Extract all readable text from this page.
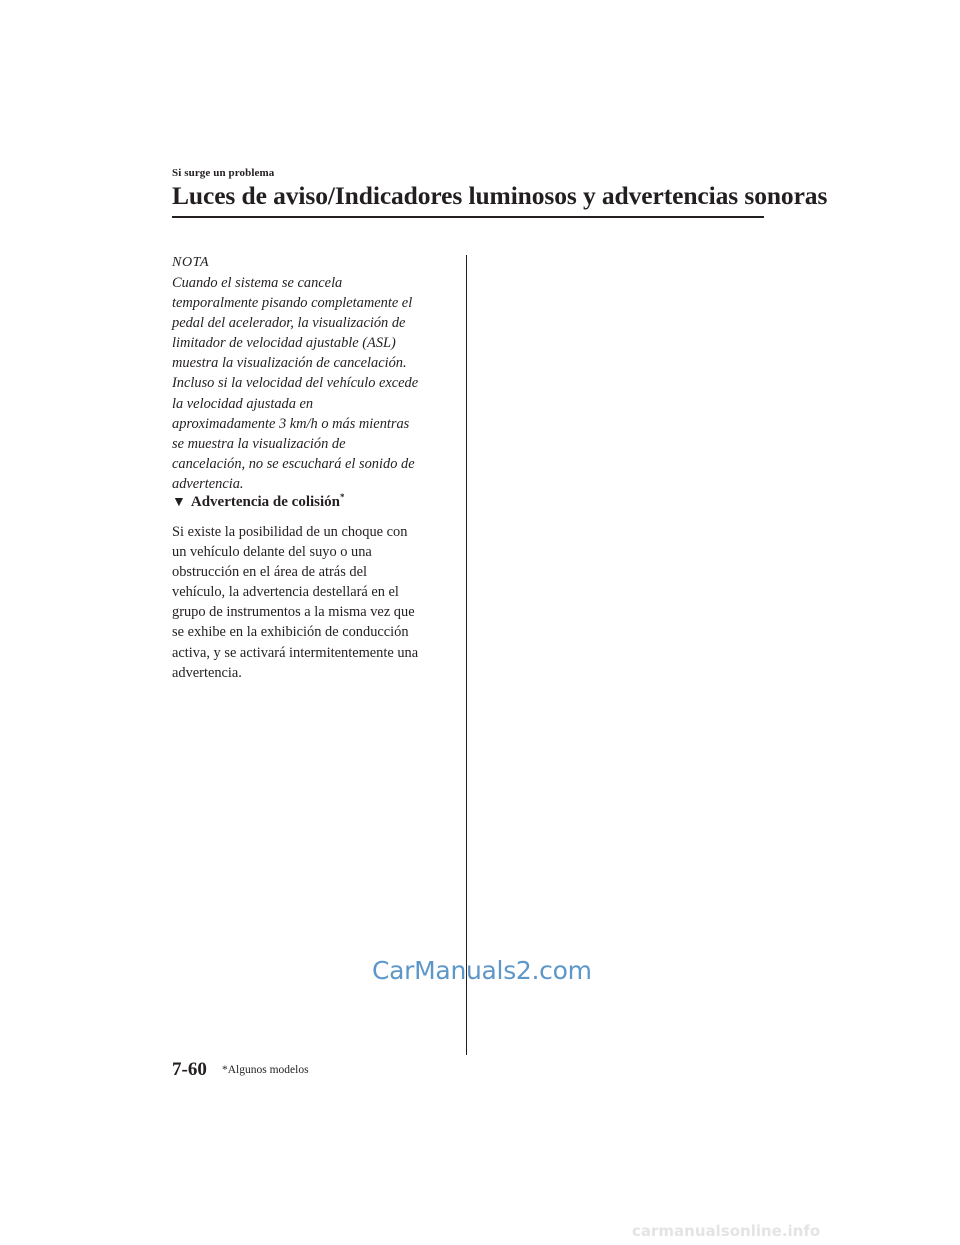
Si surge un problema
Luces de aviso/Indicadores luminosos y advertencias sonoras
NOTA
Cuando el sistema se cancela
temporalmente pisando completamente el
pedal del acelerador, la visualización de
limitador de velocidad ajustable (ASL)
muestra la visualización de cancelación.
Incluso si la velocidad del vehículo excede
la velocidad ajustada en
aproximadamente 3 km/h o más mientras
se muestra la visualización de
cancelación, no se escuchará el sonido de
advertencia.
▼ Advertencia de colisión*
Si existe la posibilidad de un choque con
un vehículo delante del suyo o una
obstrucción en el área de atrás del
vehículo, la advertencia destellará en el
grupo de instrumentos a la misma vez que
se exhibe en la exhibición de conducción
activa, y se activará intermitentemente una
advertencia.
CarManuals2.com
7-60 *Algunos modelos
carmanualsonline.info
